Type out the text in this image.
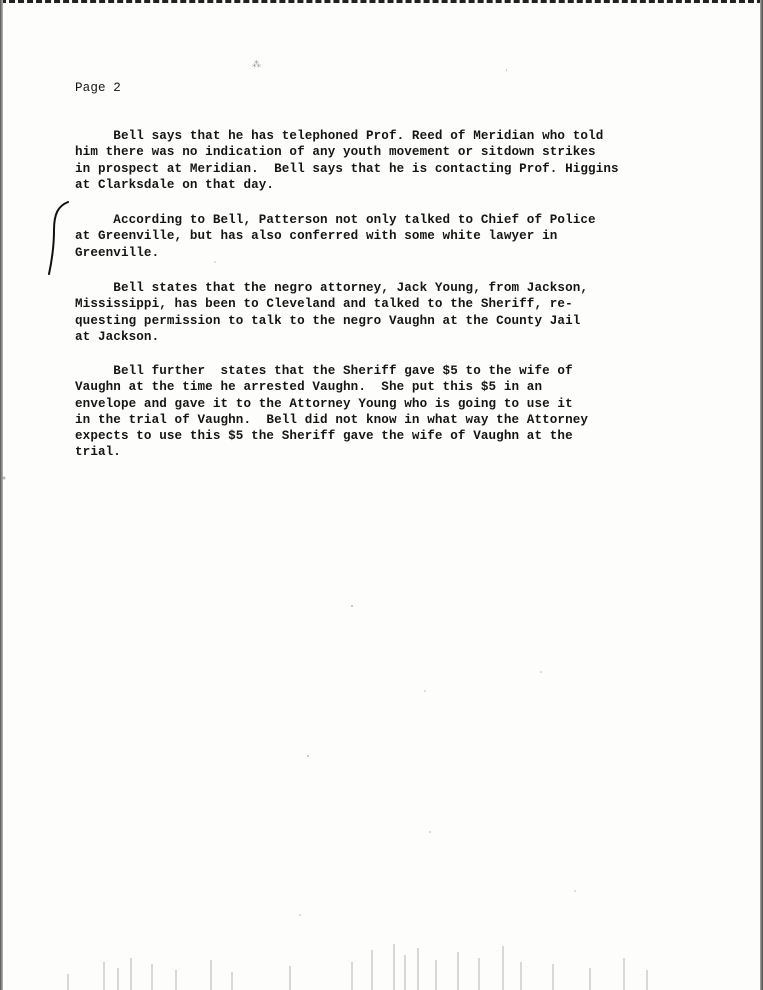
⁂
·
Page 2
Bell says that he has telephoned Prof. Reed of Meridian who told
him there was no indication of any youth movement or sitdown strikes
in prospect at Meridian.  Bell says that he is contacting Prof. Higgins
at Clarksdale on that day.
According to Bell, Patterson not only talked to Chief of Police
at Greenville, but has also conferred with some white lawyer in
Greenville.
Bell states that the negro attorney, Jack Young, from Jackson,
Mississippi, has been to Cleveland and talked to the Sheriff, re-
questing permission to talk to the negro Vaughn at the County Jail
at Jackson.
Bell further  states that the Sheriff gave $5 to the wife of
Vaughn at the time he arrested Vaughn.  She put this $5 in an
envelope and gave it to the Attorney Young who is going to use it
in the trial of Vaughn.  Bell did not know in what way the Attorney
expects to use this $5 the Sheriff gave the wife of Vaughn at the
trial.
